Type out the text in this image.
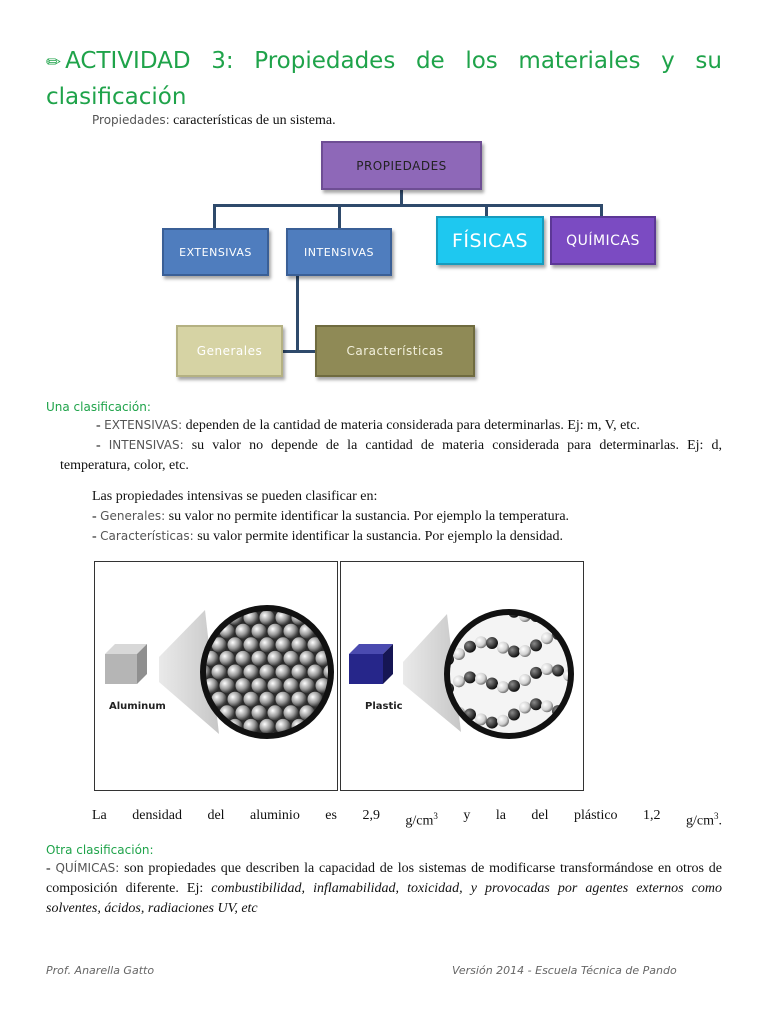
✏ ACTIVIDAD 3: Propiedades de los materiales y su clasificación
Propiedades: características de un sistema.
PROPIEDADES
EXTENSIVAS	INTENSIVAS
FÍSICAS	QUÍMICAS
Generales	Características
Una clasificación:
- EXTENSIVAS: dependen de la cantidad de materia considerada para determinarlas. Ej: m, V, etc.
- INTENSIVAS: su valor no depende de la cantidad de materia considerada para determinarlas. Ej: d, temperatura, color, etc.
Las propiedades intensivas se pueden clasificar en:
- Generales: su valor no permite identificar la sustancia. Por ejemplo la temperatura.
- Características: su valor permite identificar la sustancia. Por ejemplo la densidad.
Aluminum	Plastic
La densidad del aluminio es 2,9 $g/cm^3$ y la del plástico 1,2 $g/cm^3$.
Otra clasificación:
- QUÍMICAS: son propiedades que describen la capacidad de los sistemas de modificarse transformándose en otros de composición diferente. Ej: combustibilidad, inflamabilidad, toxicidad, y provocadas por agentes externos como solventes, ácidos, radiaciones UV, etc
Prof. Anarella Gatto	Versión 2014 - Escuela Técnica de Pando
